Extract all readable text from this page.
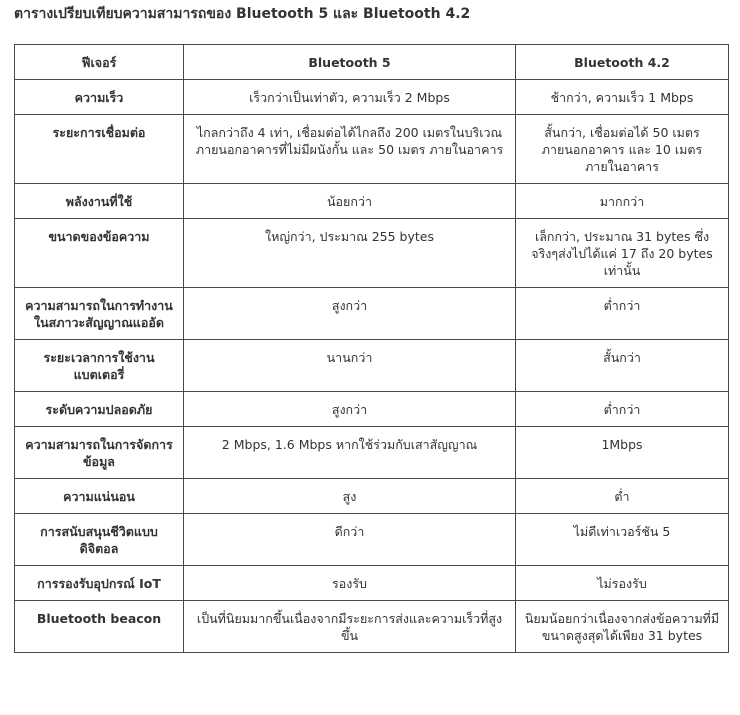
ตารางเปรียบเทียบความสามารถของ Bluetooth 5 และ Bluetooth 4.2
ฟีเจอร์	Bluetooth 5	Bluetooth 4.2
ความเร็ว	เร็วกว่าเป็นเท่าตัว, ความเร็ว 2 Mbps	ช้ากว่า, ความเร็ว 1 Mbps
ระยะการเชื่อมต่อ	ไกลกว่าถึง 4 เท่า, เชื่อมต่อได้ไกลถึง 200 เมตรในบริเวณภายนอกอาคารที่ไม่มีผนังกั้น และ 50 เมตร ภายในอาคาร	สั้นกว่า, เชื่อมต่อได้ 50 เมตร ภายนอกอาคาร และ 10 เมตร ภายในอาคาร
พลังงานที่ใช้	น้อยกว่า	มากกว่า
ขนาดของข้อความ	ใหญ่กว่า, ประมาณ 255 bytes	เล็กกว่า, ประมาณ 31 bytes ซึ่งจริงๆส่งไปได้แค่ 17 ถึง 20 bytes เท่านั้น
ความสามารถในการทำงานในสภาวะสัญญาณแออัด	สูงกว่า	ต่ำกว่า
ระยะเวลาการใช้งานแบตเตอรี่	นานกว่า	สั้นกว่า
ระดับความปลอดภัย	สูงกว่า	ต่ำกว่า
ความสามารถในการจัดการข้อมูล	2 Mbps, 1.6 Mbps หากใช้ร่วมกับเสาสัญญาณ	1Mbps
ความแน่นอน	สูง	ต่ำ
การสนับสนุนชีวิตแบบดิจิตอล	ดีกว่า	ไม่ดีเท่าเวอร์ชัน 5
การรองรับอุปกรณ์ IoT	รองรับ	ไม่รองรับ
Bluetooth beacon	เป็นที่นิยมมากขึ้นเนื่องจากมีระยะการส่งและความเร็วที่สูงขึ้น	นิยมน้อยกว่าเนื่องจากส่งข้อความที่มีขนาดสูงสุดได้เพียง 31 bytes
